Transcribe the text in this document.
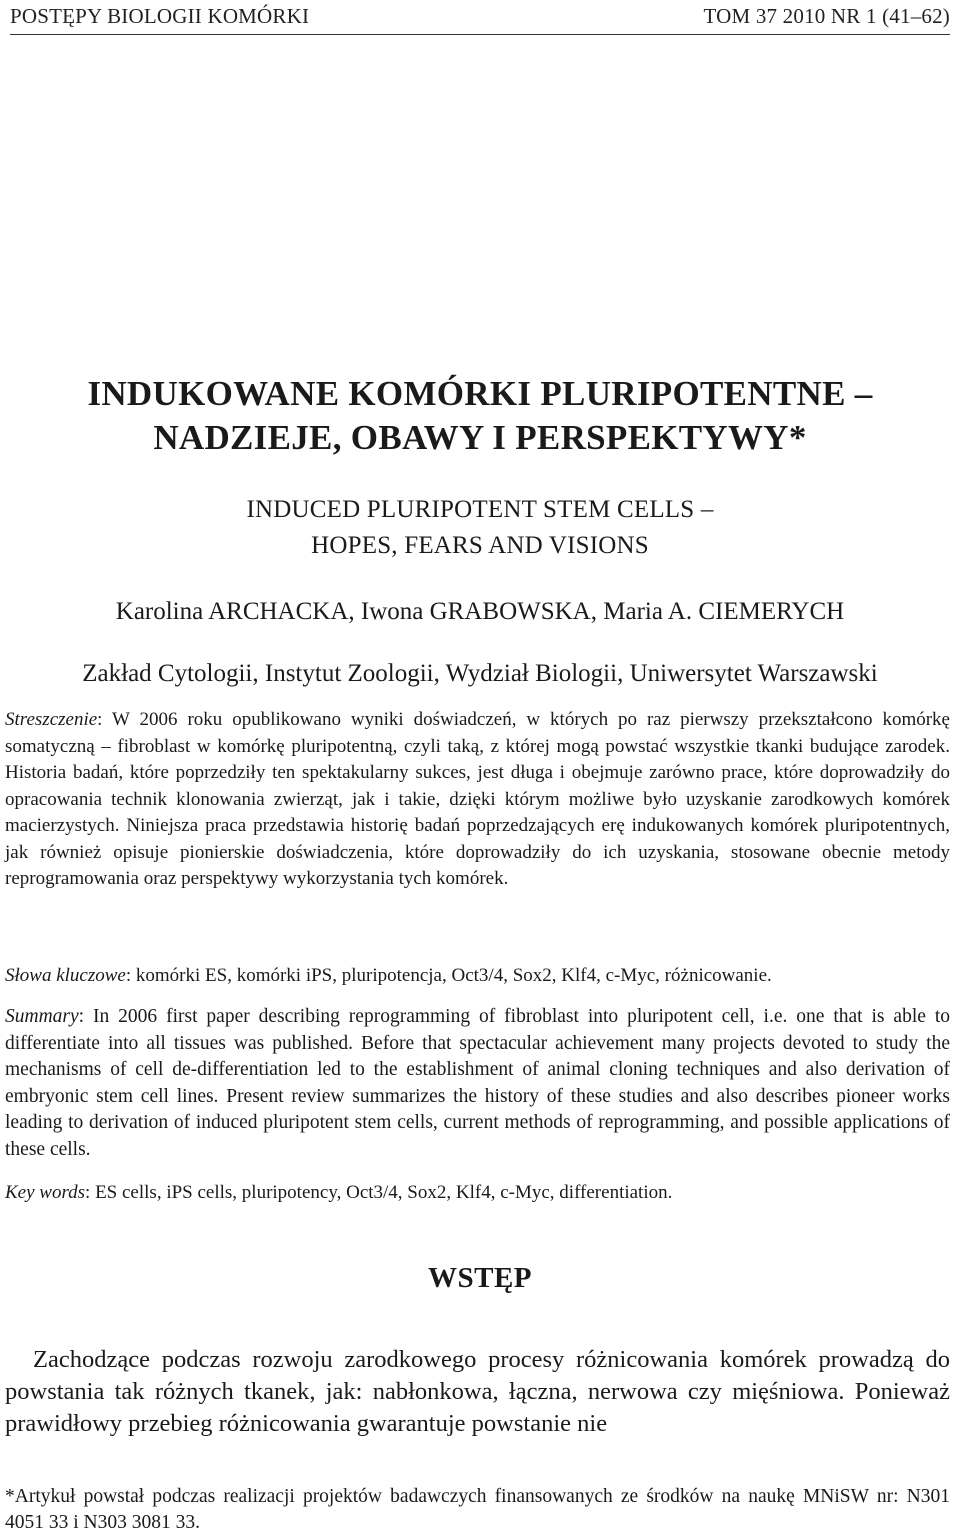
POSTĘPY BIOLOGII KOMÓRKI	TOM 37 2010 NR 1 (41–62)
INDUKOWANE KOMÓRKI PLURIPOTENTNE –
NADZIEJE, OBAWY I PERSPEKTYWY*
INDUCED PLURIPOTENT STEM CELLS –
HOPES, FEARS AND VISIONS
Karolina ARCHACKA, Iwona GRABOWSKA, Maria A. CIEMERYCH
Zakład Cytologii, Instytut Zoologii, Wydział Biologii, Uniwersytet Warszawski

Streszczenie: W 2006 roku opublikowano wyniki doświadczeń, w których po raz pierwszy przekształcono komórkę somatyczną – fibroblast w komórkę pluripotentną, czyli taką, z której mogą powstać wszystkie tkanki budujące zarodek. Historia badań, które poprzedziły ten spektakularny sukces, jest długa i obejmuje zarówno prace, które doprowadziły do opracowania technik klonowania zwierząt, jak i takie, dzięki którym możliwe było uzyskanie zarodkowych komórek macierzystych. Niniejsza praca przedstawia historię badań poprzedzających erę indukowanych komórek pluripotentnych, jak również opisuje pionierskie doświadczenia, które doprowadziły do ich uzyskania, stosowane obecnie metody reprogramowania oraz perspektywy wykorzystania tych komórek.

Słowa kluczowe: komórki ES, komórki iPS, pluripotencja, Oct3/4, Sox2, Klf4, c-Myc, różnicowanie.

Summary: In 2006 first paper describing reprogramming of fibroblast into pluripotent cell, i.e. one that is able to differentiate into all tissues was published. Before that spectacular achievement many projects devoted to study the mechanisms of cell de-differentiation led to the establishment of animal cloning techniques and also derivation of embryonic stem cell lines. Present review summarizes the history of these studies and also describes pioneer works leading to derivation of induced pluripotent stem cells, current methods of reprogramming, and possible applications of these cells.

Key words: ES cells, iPS cells, pluripotency, Oct3/4, Sox2, Klf4, c-Myc, differentiation.

WSTĘP

Zachodzące podczas rozwoju zarodkowego procesy różnicowania komórek prowadzą do powstania tak różnych tkanek, jak: nabłonkowa, łączna, nerwowa czy mięśniowa. Ponieważ prawidłowy przebieg różnicowania gwarantuje powstanie nie

*Artykuł powstał podczas realizacji projektów badawczych finansowanych ze środków na naukę MNiSW nr: N301 4051 33 i N303 3081 33.
